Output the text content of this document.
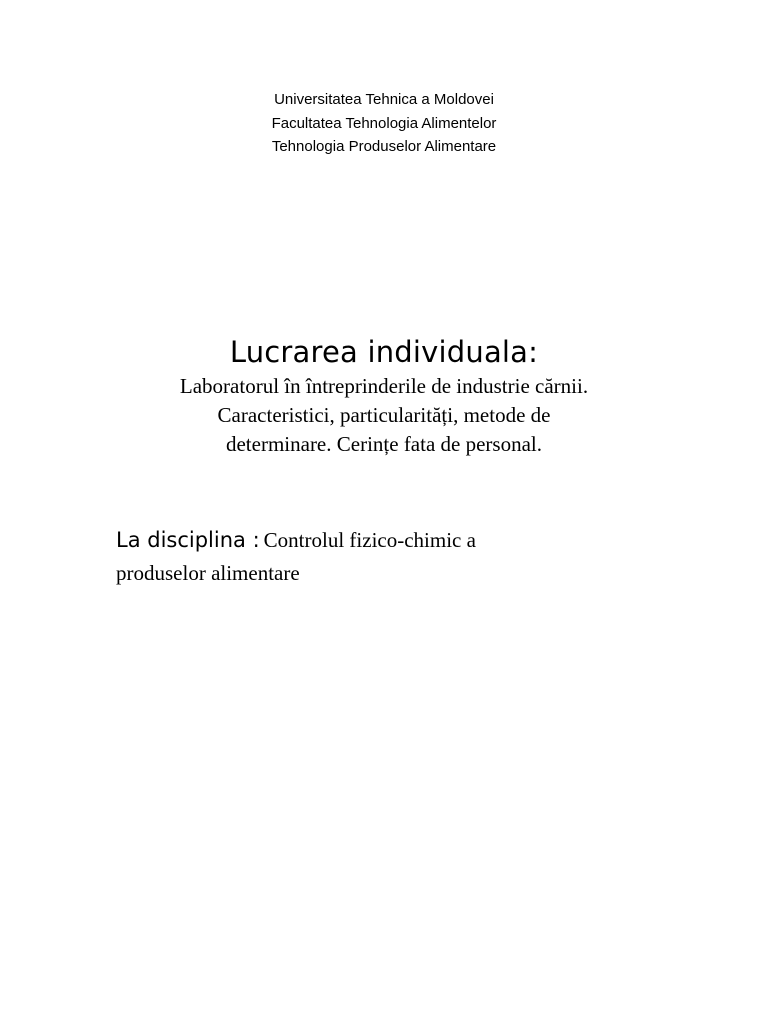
Universitatea Tehnica a Moldovei
Facultatea Tehnologia Alimentelor
Tehnologia Produselor Alimentare
Lucrarea individuala:
Laboratorul în întreprinderile de industrie cărnii.
Caracteristici, particularități, metode de
determinare. Cerințe fata de personal.
La disciplina : Controlul fizico-chimic a
produselor alimentare
